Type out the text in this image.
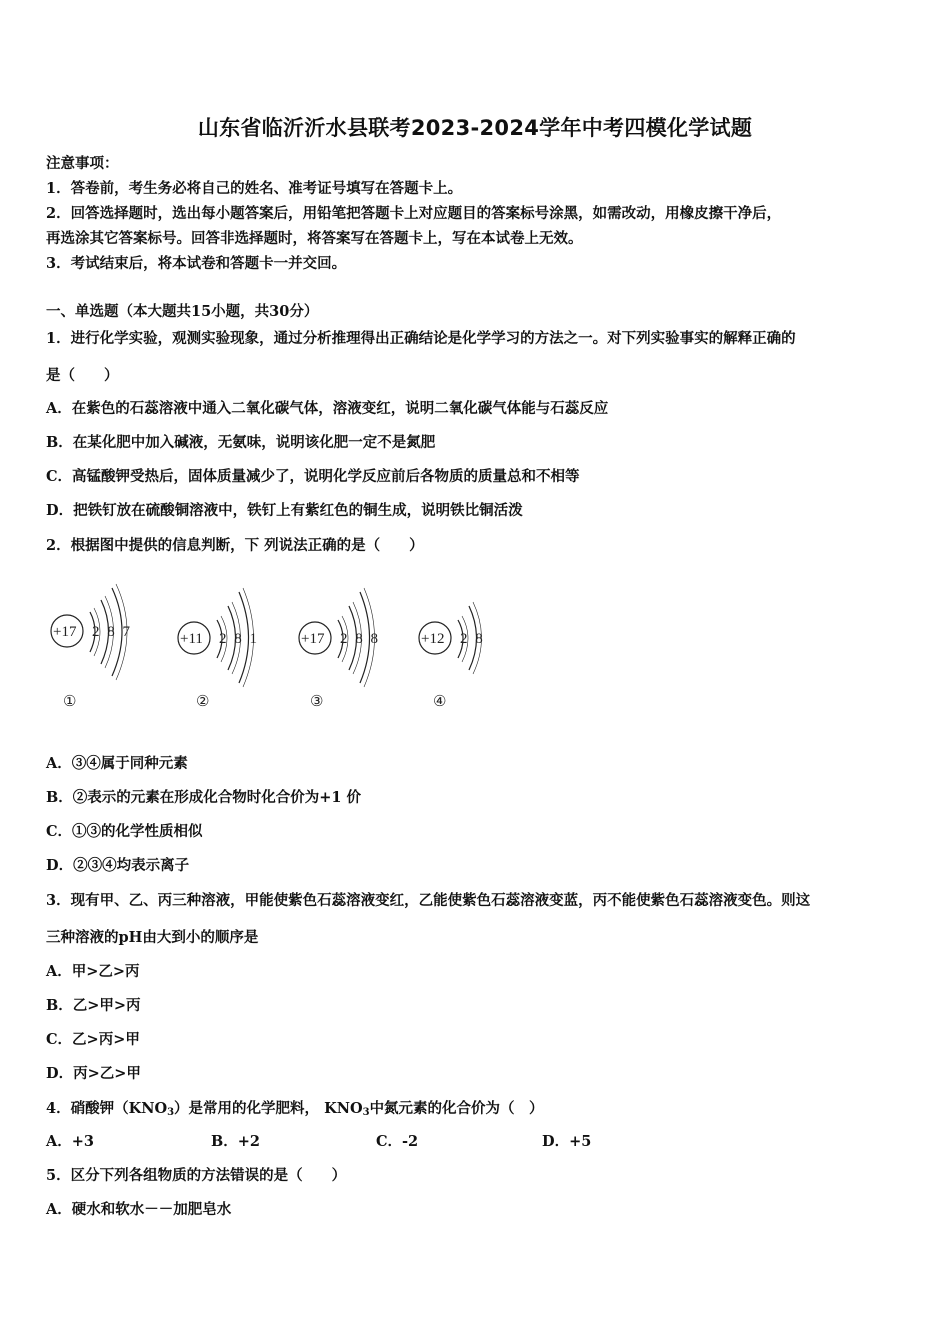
山东省临沂沂水县联考2023-2024学年中考四模化学试题
注意事项：
1．答卷前，考生务必将自己的姓名、准考证号填写在答题卡上。
2．回答选择题时，选出每小题答案后，用铅笔把答题卡上对应题目的答案标号涂黑，如需改动，用橡皮擦干净后，
再选涂其它答案标号。回答非选择题时，将答案写在答题卡上，写在本试卷上无效。
3．考试结束后，将本试卷和答题卡一并交回。
一、单选题（本大题共15小题，共30分）
1．进行化学实验，观测实验现象，通过分析推理得出正确结论是化学学习的方法之一。对下列实验事实的解释正确的
是（　　）
A．在紫色的石蕊溶液中通入二氧化碳气体，溶液变红，说明二氧化碳气体能与石蕊反应
B．在某化肥中加入碱液，无氨味，说明该化肥一定不是氮肥
C．高锰酸钾受热后，固体质量减少了，说明化学反应前后各物质的质量总和不相等
D．把铁钉放在硫酸铜溶液中，铁钉上有紫红色的铜生成，说明铁比铜活泼
2．根据图中提供的信息判断，下 列说法正确的是（　　）
+17 2 8 7	+11 2 8 1	+17 2 8 8	+12 2 8
①	②	③	④
A．③④属于同种元素
B．②表示的元素在形成化合物时化合价为+1 价
C．①③的化学性质相似
D．②③④均表示离子
3．现有甲、乙、丙三种溶液，甲能使紫色石蕊溶液变红，乙能使紫色石蕊溶液变蓝，丙不能使紫色石蕊溶液变色。则这
三种溶液的pH由大到小的顺序是
A．甲>乙>丙
B．乙>甲>丙
C．乙>丙>甲
D．丙>乙>甲
4．硝酸钾$(KNO_3)$是常用的化学肥料， $KNO_3$中氮元素的化合价为（　）
A．+3	B．+2	C．-2	D．+5
5．区分下列各组物质的方法错误的是（　　）
A．硬水和软水－－加肥皂水
